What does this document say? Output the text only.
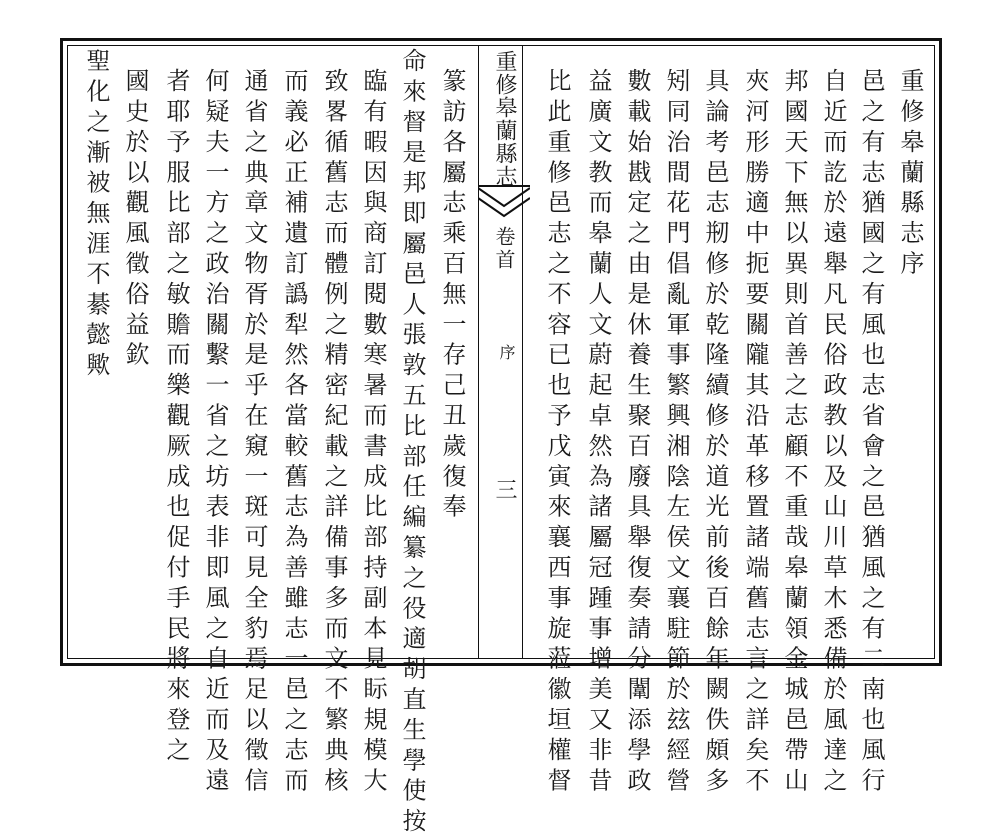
重修皋蘭縣志序
邑之有志猶國之有風也志省會之邑猶風之有二南也風行
自近而訖於遠舉凡民俗政教以及山川草木悉備於風達之
邦國天下無以異則首善之志顧不重哉皋蘭領金城邑帶山
夾河形勝適中扼要關隴其沿革移置諸端舊志言之詳矣不
具論考邑志剏修於乾隆續修於道光前後百餘年闕佚頗多
矧同治間花門倡亂軍事繁興湘陰左侯文襄駐節於玆經營
數載始戡定之由是休養生聚百廢具舉復奏請分闈添學政
益廣文教而皋蘭人文蔚起卓然為諸屬冠踵事增美又非昔
比此重修邑志之不容已也予戊寅來襄西事旋蒞徽垣權督
重修皋蘭縣志
卷首
序
三
篆訪各屬志乘百無一存己丑歲復奉
命來督是邦即屬邑人張敦五比部任編纂之役適胡直生學使按
臨有暇因與商訂閱數寒暑而書成比部持副本見眎規模大
致畧循舊志而體例之精密紀載之詳備事多而文不繁典核
而義必正補遺訂譌犁然各當較舊志為善雖志一邑之志而
通省之典章文物胥於是乎在窺一斑可見全豹焉足以徵信
何疑夫一方之政治關繫一省之坊表非即風之自近而及遠
者耶予服比部之敏贍而樂觀厥成也促付手民將來登之
國史於以觀風徵俗益欽
聖化之漸被無涯不綦懿歟
